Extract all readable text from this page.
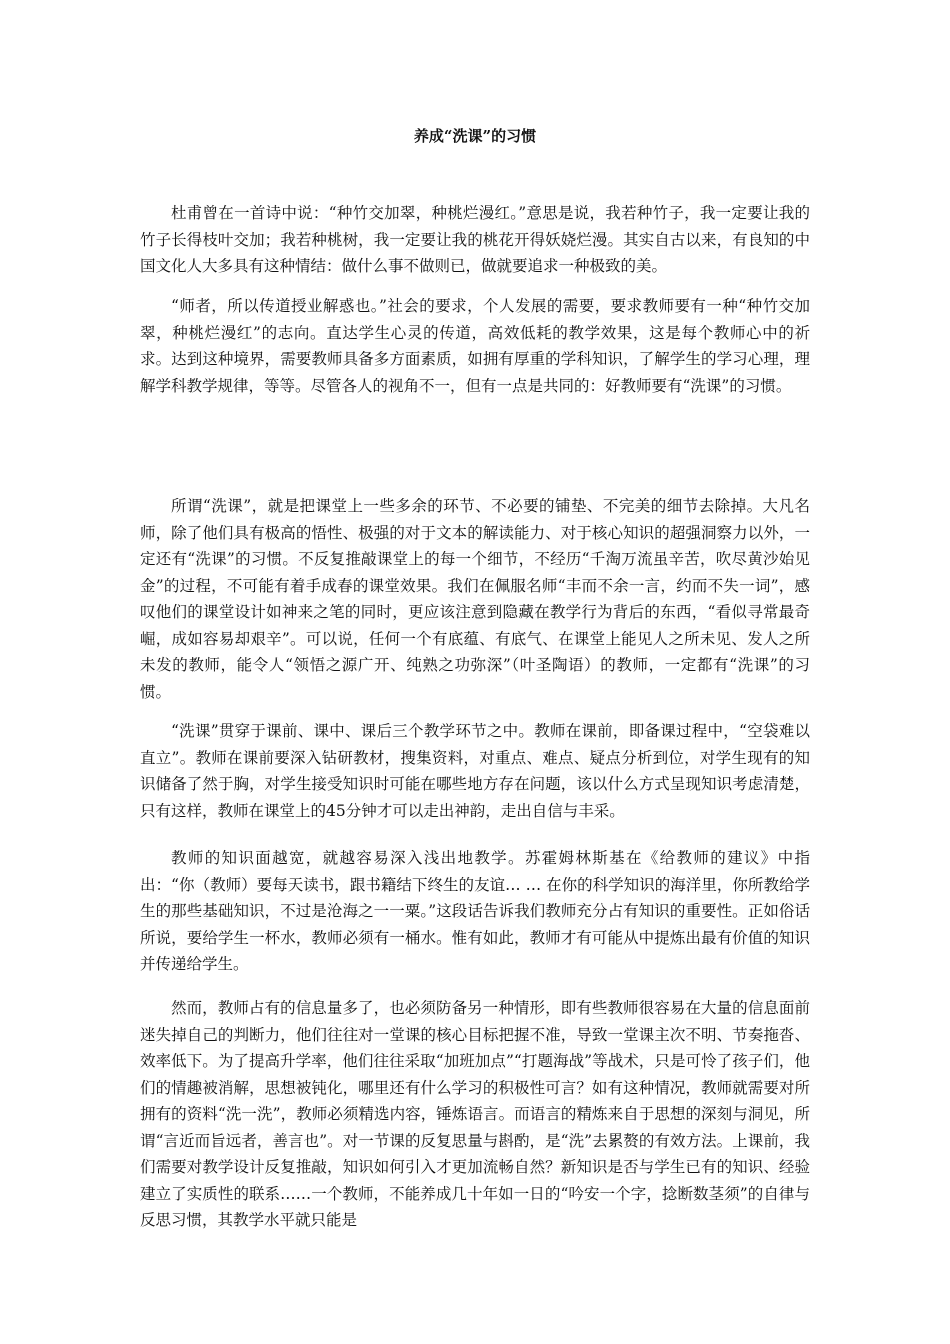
养成“洗课”的习惯

杜甫曾在一首诗中说：“种竹交加翠，种桃烂漫红。”意思是说，我若种竹子，我一定要让我的竹子长得枝叶交加；我若种桃树，我一定要让我的桃花开得妖娆烂漫。其实自古以来，有良知的中国文化人大多具有这种情结：做什么事不做则已，做就要追求一种极致的美。

“师者，所以传道授业解惑也。”社会的要求，个人发展的需要，要求教师要有一种“种竹交加翠，种桃烂漫红”的志向。直达学生心灵的传道，高效低耗的教学效果，这是每个教师心中的祈求。达到这种境界，需要教师具备多方面素质，如拥有厚重的学科知识，了解学生的学习心理，理解学科教学规律，等等。尽管各人的视角不一，但有一点是共同的：好教师要有“洗课”的习惯。

所谓“洗课”，就是把课堂上一些多余的环节、不必要的铺垫、不完美的细节去除掉。大凡名师，除了他们具有极高的悟性、极强的对于文本的解读能力、对于核心知识的超强洞察力以外，一定还有“洗课”的习惯。不反复推敲课堂上的每一个细节，不经历“千淘万流虽辛苦，吹尽黄沙始见金”的过程，不可能有着手成春的课堂效果。我们在佩服名师“丰而不余一言，约而不失一词”，感叹他们的课堂设计如神来之笔的同时，更应该注意到隐藏在教学行为背后的东西，“看似寻常最奇崛，成如容易却艰辛”。可以说，任何一个有底蕴、有底气、在课堂上能见人之所未见、发人之所未发的教师，能令人“领悟之源广开、纯熟之功弥深”（叶圣陶语）的教师，一定都有“洗课”的习惯。

“洗课”贯穿于课前、课中、课后三个教学环节之中。教师在课前，即备课过程中，“空袋难以直立”。教师在课前要深入钻研教材，搜集资料，对重点、难点、疑点分析到位，对学生现有的知识储备了然于胸，对学生接受知识时可能在哪些地方存在问题，该以什么方式呈现知识考虑清楚，只有这样，教师在课堂上的45分钟才可以走出神韵，走出自信与丰采。

教师的知识面越宽，就越容易深入浅出地教学。苏霍姆林斯基在《给教师的建议》中指出：“你（教师）要每天读书，跟书籍结下终生的友谊… … 在你的科学知识的海洋里，你所教给学生的那些基础知识，不过是沧海之一一粟。”这段话告诉我们教师充分占有知识的重要性。正如俗话所说，要给学生一杯水，教师必须有一桶水。惟有如此，教师才有可能从中提炼出最有价值的知识并传递给学生。

然而，教师占有的信息量多了，也必须防备另一种情形，即有些教师很容易在大量的信息面前迷失掉自己的判断力，他们往往对一堂课的核心目标把握不准，导致一堂课主次不明、节奏拖沓、效率低下。为了提高升学率，他们往往采取“加班加点”“打题海战”等战术，只是可怜了孩子们，他们的情趣被消解，思想被钝化，哪里还有什么学习的积极性可言？如有这种情况，教师就需要对所拥有的资料“洗一洗”，教师必须精选内容，锤炼语言。而语言的精炼来自于思想的深刻与洞见，所谓“言近而旨远者，善言也”。对一节课的反复思量与斟酌，是“洗”去累赘的有效方法。上课前，我们需要对教学设计反复推敲，知识如何引入才更加流畅自然？新知识是否与学生已有的知识、经验建立了实质性的联系……一个教师，不能养成几十年如一日的“吟安一个字，捻断数茎须”的自律与反思习惯，其教学水平就只能是
